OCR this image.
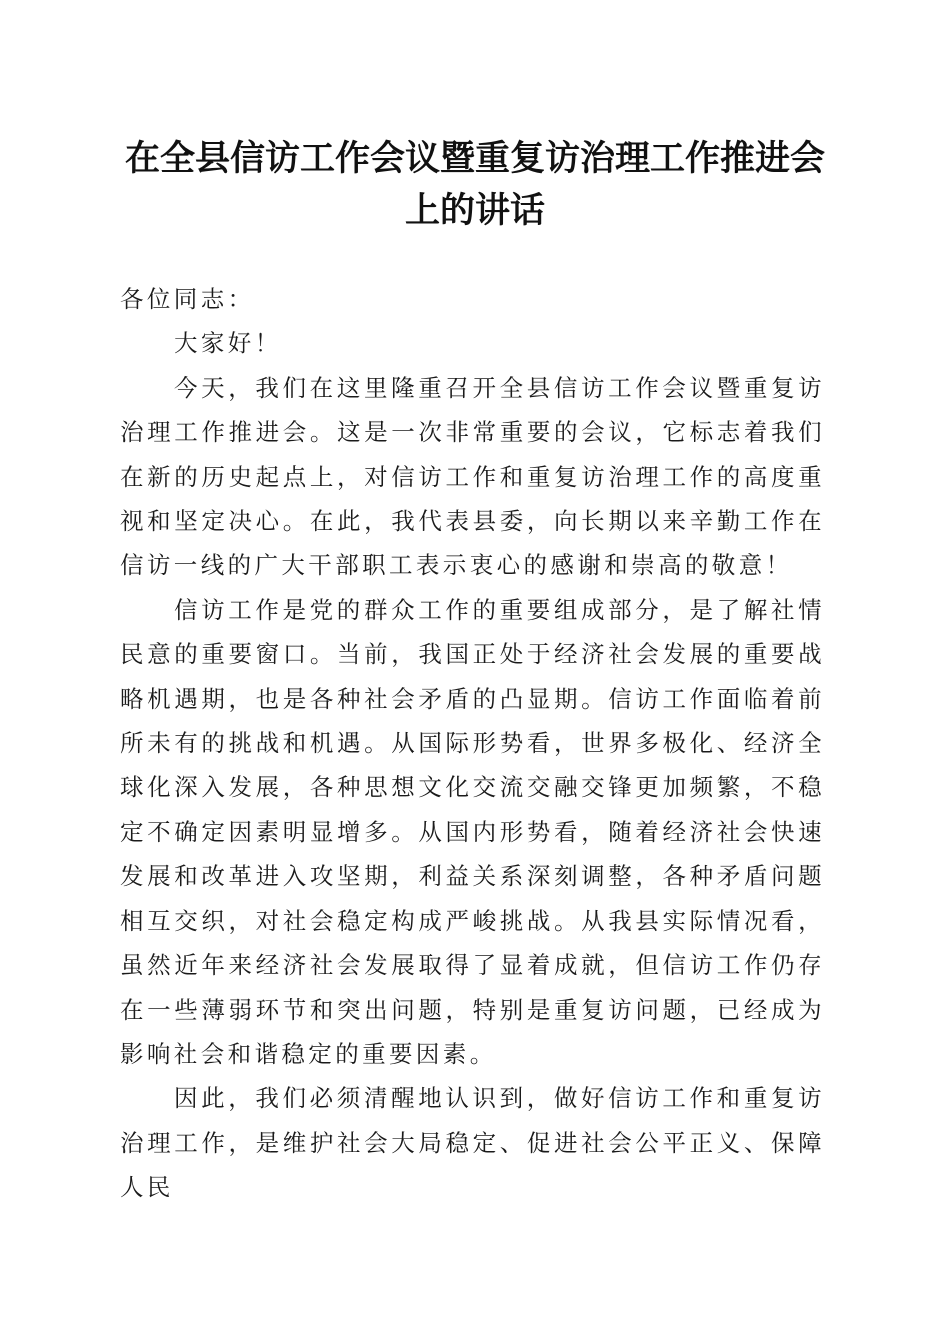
在全县信访工作会议暨重复访治理工作推进会上的讲话

各位同志：

大家好！

今天，我们在这里隆重召开全县信访工作会议暨重复访治理工作推进会。这是一次非常重要的会议，它标志着我们在新的历史起点上，对信访工作和重复访治理工作的高度重视和坚定决心。在此，我代表县委，向长期以来辛勤工作在信访一线的广大干部职工表示衷心的感谢和崇高的敬意！

信访工作是党的群众工作的重要组成部分，是了解社情民意的重要窗口。当前，我国正处于经济社会发展的重要战略机遇期，也是各种社会矛盾的凸显期。信访工作面临着前所未有的挑战和机遇。从国际形势看，世界多极化、经济全球化深入发展，各种思想文化交流交融交锋更加频繁，不稳定不确定因素明显增多。从国内形势看，随着经济社会快速发展和改革进入攻坚期，利益关系深刻调整，各种矛盾问题相互交织，对社会稳定构成严峻挑战。从我县实际情况看，虽然近年来经济社会发展取得了显着成就，但信访工作仍存在一些薄弱环节和突出问题，特别是重复访问题，已经成为影响社会和谐稳定的重要因素。

因此，我们必须清醒地认识到，做好信访工作和重复访治理工作，是维护社会大局稳定、促进社会公平正义、保障人民
